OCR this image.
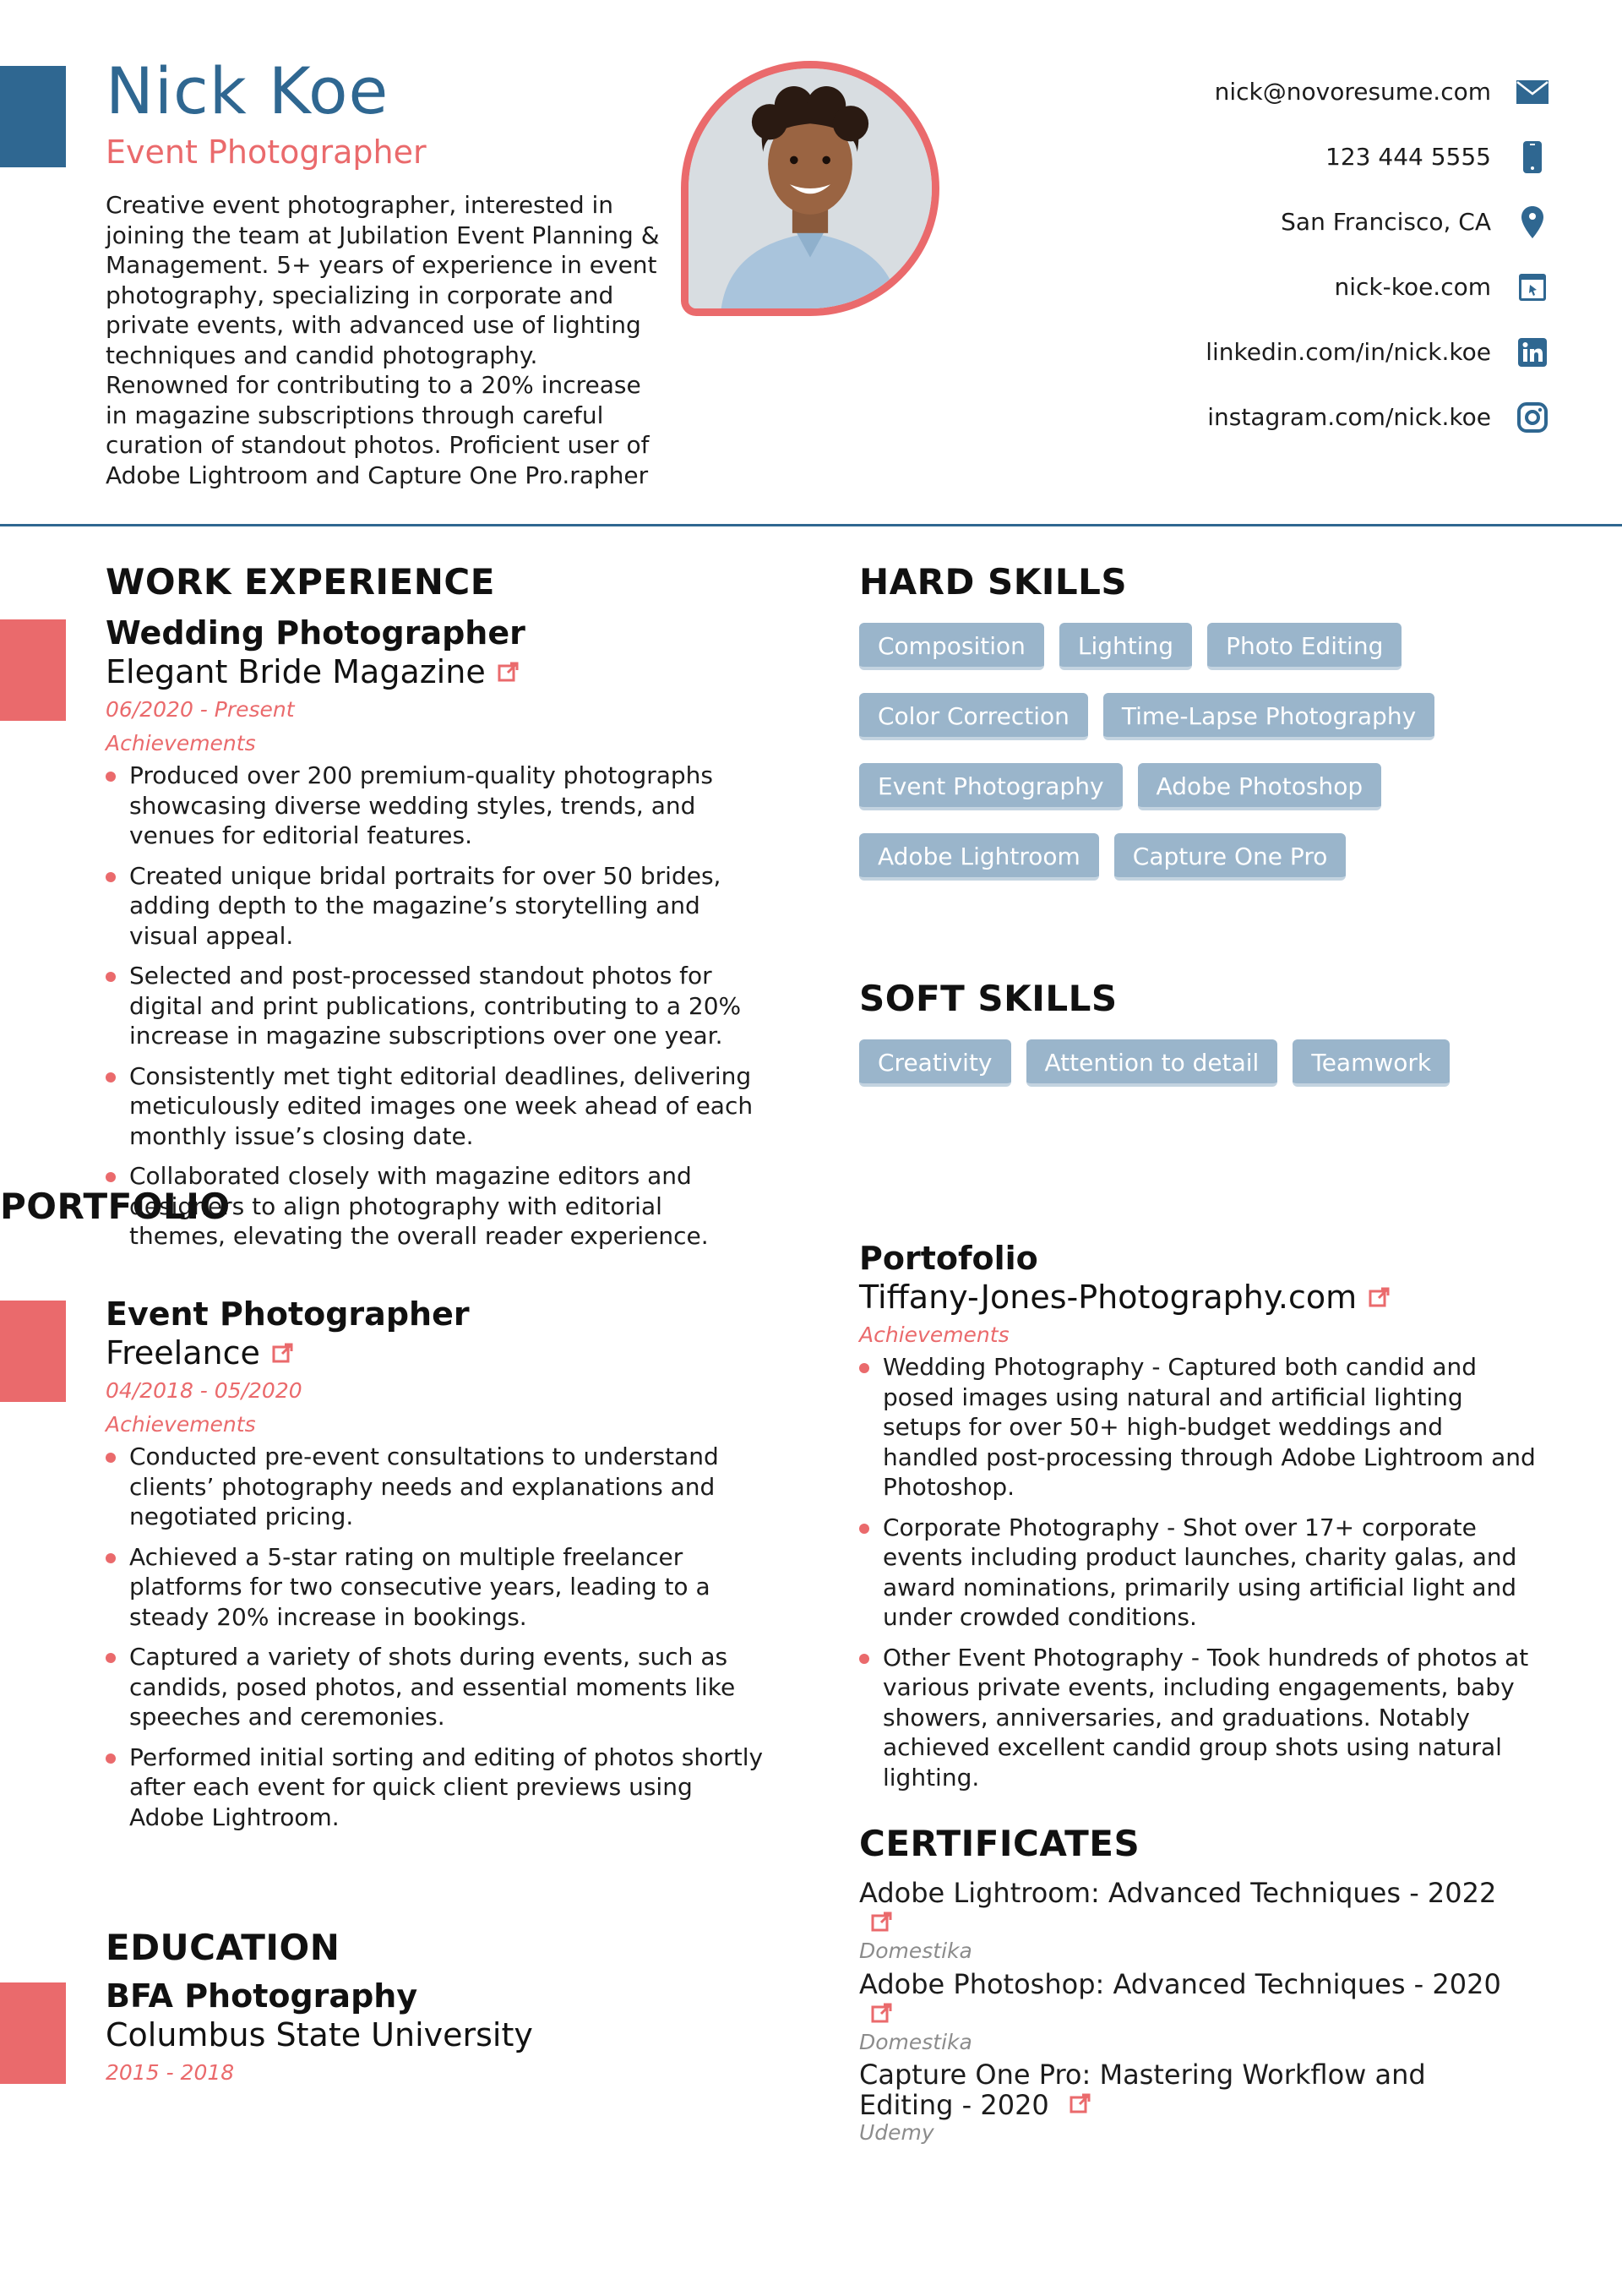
Nick Koe
Event Photographer

Creative event photographer, interested in joining the team at Jubilation Event Planning & Management. 5+ years of experience in event photography, specializing in corporate and private events, with advanced use of lighting techniques and candid photography. Renowned for contributing to a 20% increase in magazine subscriptions through careful curation of standout photos. Proficient user of Adobe Lightroom and Capture One Pro.rapher

nick@novoresume.com
123 444 5555
San Francisco, CA
nick-koe.com
linkedin.com/in/nick.koe
instagram.com/nick.koe
WORK EXPERIENCE
Wedding Photographer
Elegant Bride Magazine
06/2020 - Present
Achievements
Produced over 200 premium-quality photographs showcasing diverse wedding styles, trends, and venues for editorial features.
Created unique bridal portraits for over 50 brides, adding depth to the magazine’s storytelling and visual appeal.
Selected and post-processed standout photos for digital and print publications, contributing to a 20% increase in magazine subscriptions over one year.
Consistently met tight editorial deadlines, delivering meticulously edited images one week ahead of each monthly issue’s closing date.
Collaborated closely with magazine editors and designers to align photography with editorial themes, elevating the overall reader experience.
Event Photographer
Freelance
04/2018 - 05/2020
Achievements
Conducted pre-event consultations to understand clients’ photography needs and explanations and negotiated pricing.
Achieved a 5-star rating on multiple freelancer platforms for two consecutive years, leading to a steady 20% increase in bookings.
Captured a variety of shots during events, such as candids, posed photos, and essential moments like speeches and ceremonies.
Performed initial sorting and editing of photos shortly after each event for quick client previews using Adobe Lightroom.
EDUCATION
BFA Photography
Columbus State University
2015 - 2018
HARD SKILLS
Composition	Lighting	Photo Editing
Color Correction	Time-Lapse Photography
Event Photography	Adobe Photoshop
Adobe Lightroom	Capture One Pro
SOFT SKILLS
Creativity	Attention to detail	Teamwork
PORTFOLIO
Portofolio
Tiffany-Jones-Photography.com
Achievements
Wedding Photography - Captured both candid and posed images using natural and artificial lighting setups for over 50+ high-budget weddings and handled post-processing through Adobe Lightroom and Photoshop.
Corporate Photography - Shot over 17+ corporate events including product launches, charity galas, and award nominations, primarily using artificial light and under crowded conditions.
Other Event Photography - Took hundreds of photos at various private events, including engagements, baby showers, anniversaries, and graduations. Notably achieved excellent candid group shots using natural lighting.
CERTIFICATES
Adobe Lightroom: Advanced Techniques - 2022
Domestika
Adobe Photoshop: Advanced Techniques - 2020
Domestika
Capture One Pro: Mastering Workflow and Editing - 2020
Udemy
